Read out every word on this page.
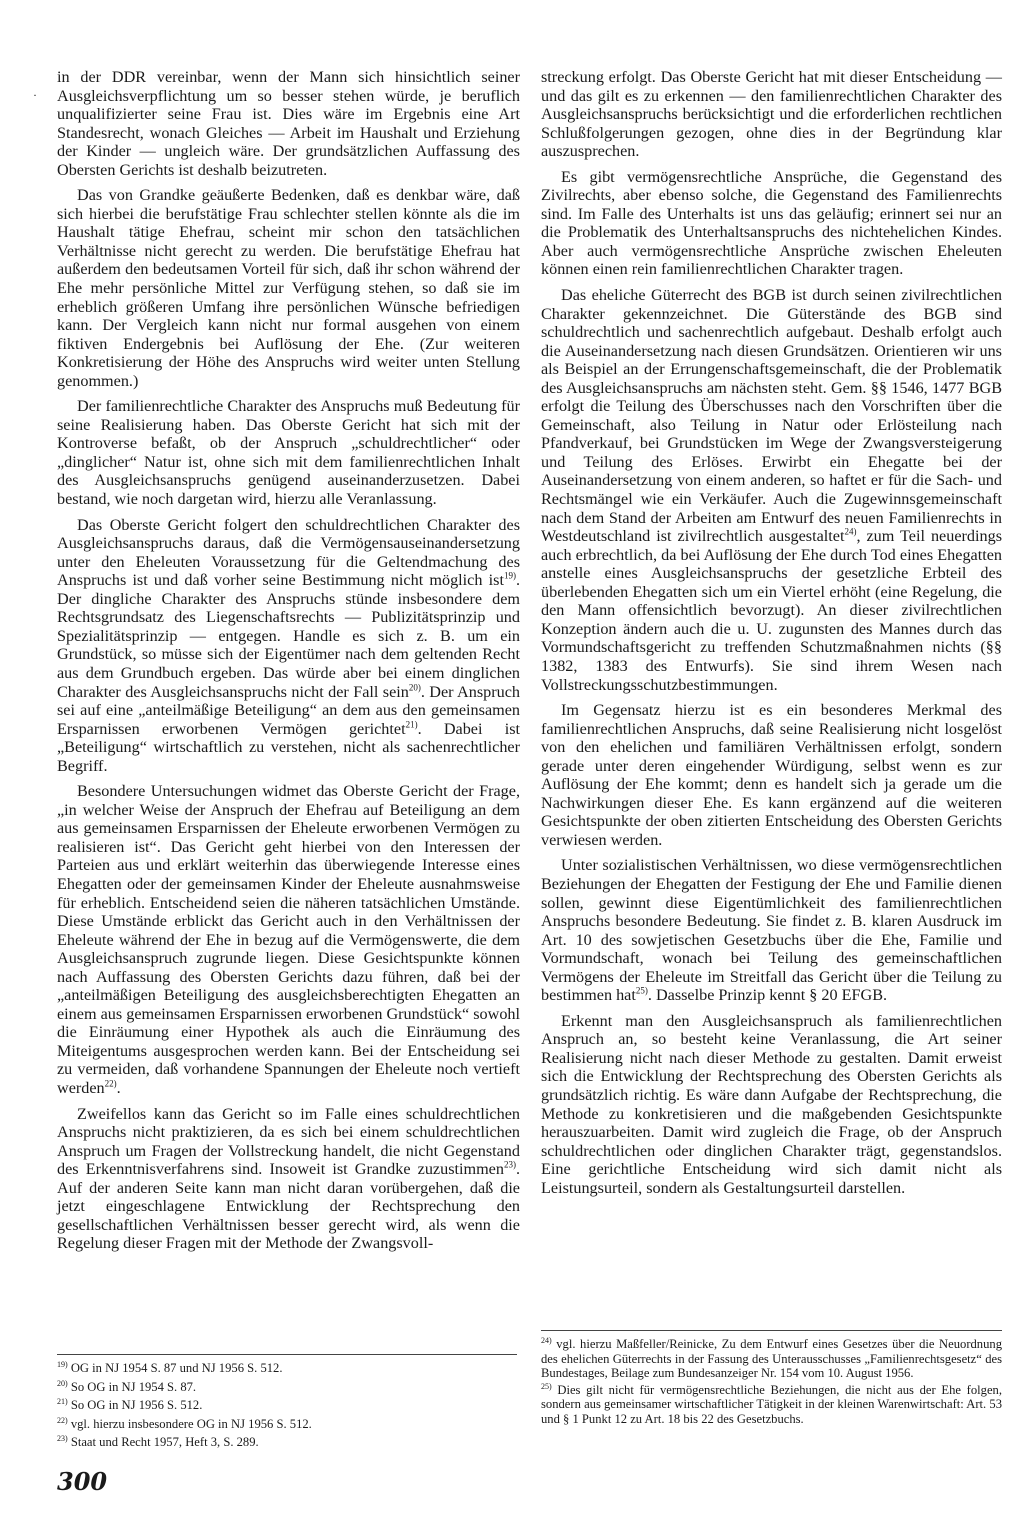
·

in der DDR vereinbar, wenn der Mann sich hinsichtlich seiner Ausgleichsverpflichtung um so besser stehen würde, je beruflich unqualifizierter seine Frau ist. Dies wäre im Ergebnis eine Art Standesrecht, wonach Gleiches — Arbeit im Haushalt und Erziehung der Kinder — ungleich wäre. Der grundsätzlichen Auffassung des Obersten Gerichts ist deshalb beizutreten.

Das von Grandke geäußerte Bedenken, daß es denkbar wäre, daß sich hierbei die berufstätige Frau schlechter stellen könnte als die im Haushalt tätige Ehefrau, scheint mir schon den tatsächlichen Verhältnisse nicht gerecht zu werden. Die berufstätige Ehefrau hat außerdem den bedeutsamen Vorteil für sich, daß ihr schon während der Ehe mehr persönliche Mittel zur Verfügung stehen, so daß sie im erheblich größeren Umfang ihre persönlichen Wünsche befriedigen kann. Der Vergleich kann nicht nur formal ausgehen von einem fiktiven Endergebnis bei Auflösung der Ehe. (Zur weiteren Konkretisierung der Höhe des Anspruchs wird weiter unten Stellung genommen.)

Der familienrechtliche Charakter des Anspruchs muß Bedeutung für seine Realisierung haben. Das Oberste Gericht hat sich mit der Kontroverse befaßt, ob der Anspruch „schuldrechtlicher“ oder „dinglicher“ Natur ist, ohne sich mit dem familienrechtlichen Inhalt des Ausgleichsanspruchs genügend auseinanderzusetzen. Dabei bestand, wie noch dargetan wird, hierzu alle Veranlassung.

Das Oberste Gericht folgert den schuldrechtlichen Charakter des Ausgleichsanspruchs daraus, daß die Vermögensauseinandersetzung unter den Eheleuten Voraussetzung für die Geltendmachung des Anspruchs ist und daß vorher seine Bestimmung nicht möglich ist$^{19)}$. Der dingliche Charakter des Anspruchs stünde insbesondere dem Rechtsgrundsatz des Liegenschaftsrechts — Publizitätsprinzip und Spezialitätsprinzip — entgegen. Handle es sich z. B. um ein Grundstück, so müsse sich der Eigentümer nach dem geltenden Recht aus dem Grundbuch ergeben. Das würde aber bei einem dinglichen Charakter des Ausgleichsanspruchs nicht der Fall sein$^{20)}$. Der Anspruch sei auf eine „anteilmäßige Beteiligung“ an dem aus den gemeinsamen Ersparnissen erworbenen Vermögen gerichtet$^{21)}$. Dabei ist „Beteiligung“ wirtschaftlich zu verstehen, nicht als sachenrechtlicher Begriff.

Besondere Untersuchungen widmet das Oberste Gericht der Frage, „in welcher Weise der Anspruch der Ehefrau auf Beteiligung an dem aus gemeinsamen Ersparnissen der Eheleute erworbenen Vermögen zu realisieren ist“. Das Gericht geht hierbei von den Interessen der Parteien aus und erklärt weiterhin das überwiegende Interesse eines Ehegatten oder der gemeinsamen Kinder der Eheleute ausnahmsweise für erheblich. Entscheidend seien die näheren tatsächlichen Umstände. Diese Umstände erblickt das Gericht auch in den Verhältnissen der Eheleute während der Ehe in bezug auf die Vermögenswerte, die dem Ausgleichsanspruch zugrunde liegen. Diese Gesichtspunkte können nach Auffassung des Obersten Gerichts dazu führen, daß bei der „anteilmäßigen Beteiligung des ausgleichsberechtigten Ehegatten an einem aus gemeinsamen Ersparnissen erworbenen Grundstück“ sowohl die Einräumung einer Hypothek als auch die Einräumung des Miteigentums ausgesprochen werden kann. Bei der Entscheidung sei zu vermeiden, daß vorhandene Spannungen der Eheleute noch vertieft werden$^{22)}$.

Zweifellos kann das Gericht so im Falle eines schuldrechtlichen Anspruchs nicht praktizieren, da es sich bei einem schuldrechtlichen Anspruch um Fragen der Vollstreckung handelt, die nicht Gegenstand des Erkenntnisverfahrens sind. Insoweit ist Grandke zuzustimmen$^{23)}$. Auf der anderen Seite kann man nicht daran vorübergehen, daß die jetzt eingeschlagene Entwicklung der Rechtsprechung den gesellschaftlichen Verhältnissen besser gerecht wird, als wenn die Regelung dieser Fragen mit der Methode der Zwangsvoll-

streckung erfolgt. Das Oberste Gericht hat mit dieser Entscheidung — und das gilt es zu erkennen — den familienrechtlichen Charakter des Ausgleichsanspruchs berücksichtigt und die erforderlichen rechtlichen Schlußfolgerungen gezogen, ohne dies in der Begründung klar auszusprechen.

Es gibt vermögensrechtliche Ansprüche, die Gegenstand des Zivilrechts, aber ebenso solche, die Gegenstand des Familienrechts sind. Im Falle des Unterhalts ist uns das geläufig; erinnert sei nur an die Problematik des Unterhaltsanspruchs des nichtehelichen Kindes. Aber auch vermögensrechtliche Ansprüche zwischen Eheleuten können einen rein familienrechtlichen Charakter tragen.

Das eheliche Güterrecht des BGB ist durch seinen zivilrechtlichen Charakter gekennzeichnet. Die Güterstände des BGB sind schuldrechtlich und sachenrechtlich aufgebaut. Deshalb erfolgt auch die Auseinandersetzung nach diesen Grundsätzen. Orientieren wir uns als Beispiel an der Errungenschaftsgemeinschaft, die der Problematik des Ausgleichsanspruchs am nächsten steht. Gem. §§ 1546, 1477 BGB erfolgt die Teilung des Überschusses nach den Vorschriften über die Gemeinschaft, also Teilung in Natur oder Erlösteilung nach Pfandverkauf, bei Grundstücken im Wege der Zwangsversteigerung und Teilung des Erlöses. Erwirbt ein Ehegatte bei der Auseinandersetzung von einem anderen, so haftet er für die Sach- und Rechtsmängel wie ein Verkäufer. Auch die Zugewinnsgemeinschaft nach dem Stand der Arbeiten am Entwurf des neuen Familienrechts in Westdeutschland ist zivilrechtlich ausgestaltet$^{24)}$, zum Teil neuerdings auch erbrechtlich, da bei Auflösung der Ehe durch Tod eines Ehegatten anstelle eines Ausgleichsanspruchs der gesetzliche Erbteil des überlebenden Ehegatten sich um ein Viertel erhöht (eine Regelung, die den Mann offensichtlich bevorzugt). An dieser zivilrechtlichen Konzeption ändern auch die u. U. zugunsten des Mannes durch das Vormundschaftsgericht zu treffenden Schutzmaßnahmen nichts (§§ 1382, 1383 des Entwurfs). Sie sind ihrem Wesen nach Vollstreckungsschutzbestimmungen.

Im Gegensatz hierzu ist es ein besonderes Merkmal des familienrechtlichen Anspruchs, daß seine Realisierung nicht losgelöst von den ehelichen und familiären Verhältnissen erfolgt, sondern gerade unter deren eingehender Würdigung, selbst wenn es zur Auflösung der Ehe kommt; denn es handelt sich ja gerade um die Nachwirkungen dieser Ehe. Es kann ergänzend auf die weiteren Gesichtspunkte der oben zitierten Entscheidung des Obersten Gerichts verwiesen werden.

Unter sozialistischen Verhältnissen, wo diese vermögensrechtlichen Beziehungen der Ehegatten der Festigung der Ehe und Familie dienen sollen, gewinnt diese Eigentümlichkeit des familienrechtlichen Anspruchs besondere Bedeutung. Sie findet z. B. klaren Ausdruck im Art. 10 des sowjetischen Gesetzbuchs über die Ehe, Familie und Vormundschaft, wonach bei Teilung des gemeinschaftlichen Vermögens der Eheleute im Streitfall das Gericht über die Teilung zu bestimmen hat$^{25)}$. Dasselbe Prinzip kennt § 20 EFGB.

Erkennt man den Ausgleichsanspruch als familienrechtlichen Anspruch an, so besteht keine Veranlassung, die Art seiner Realisierung nicht nach dieser Methode zu gestalten. Damit erweist sich die Entwicklung der Rechtsprechung des Obersten Gerichts als grundsätzlich richtig. Es wäre dann Aufgabe der Rechtsprechung, die Methode zu konkretisieren und die maßgebenden Gesichtspunkte herauszuarbeiten. Damit wird zugleich die Frage, ob der Anspruch schuldrechtlichen oder dinglichen Charakter trägt, gegenstandslos. Eine gerichtliche Entscheidung wird sich damit nicht als Leistungsurteil, sondern als Gestaltungsurteil darstellen.

$^{19)}$ OG in NJ 1954 S. 87 und NJ 1956 S. 512.
$^{20)}$ So OG in NJ 1954 S. 87.
$^{21)}$ So OG in NJ 1956 S. 512.
$^{22)}$ vgl. hierzu insbesondere OG in NJ 1956 S. 512.
$^{23)}$ Staat und Recht 1957, Heft 3, S. 289.
$^{24)}$ vgl. hierzu Maßfeller/Reinicke, Zu dem Entwurf eines Gesetzes über die Neuordnung des ehelichen Güterrechts in der Fassung des Unterausschusses „Familienrechtsgesetz“ des Bundestages, Beilage zum Bundesanzeiger Nr. 154 vom 10. August 1956.
$^{25)}$ Dies gilt nicht für vermögensrechtliche Beziehungen, die nicht aus der Ehe folgen, sondern aus gemeinsamer wirtschaftlicher Tätigkeit in der kleinen Warenwirtschaft: Art. 53 und § 1 Punkt 12 zu Art. 18 bis 22 des Gesetzbuchs.
300
